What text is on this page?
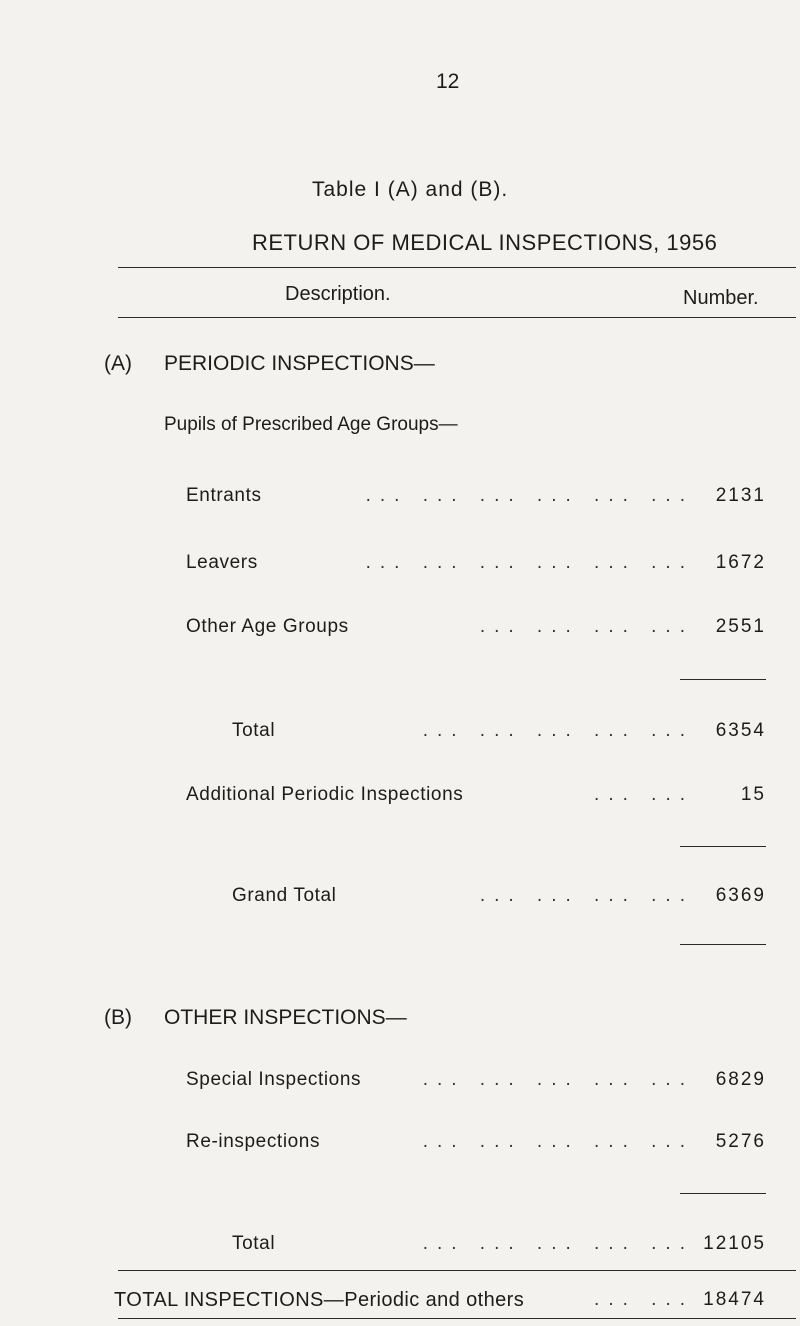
12
Table I (A) and (B).
RETURN OF MEDICAL INSPECTIONS, 1956
Description.	Number.
(A) PERIODIC INSPECTIONS—
Pupils of Prescribed Age Groups—
Entrants	... ... ... ... ... ... 2131
Leavers	... ... ... ... ... ... 1672
Other Age Groups	... ... ... ... 2551
Total	... ... ... ... ... 6354
Additional Periodic Inspections	... ... 15
Grand Total	... ... ... ... 6369
(B) OTHER INSPECTIONS—
Special Inspections	... ... ... ... ... 6829
Re-inspections	... ... ... ... ... 5276
Total	... ... ... ... ... 12105
TOTAL INSPECTIONS—Periodic and others	... ... 18474
